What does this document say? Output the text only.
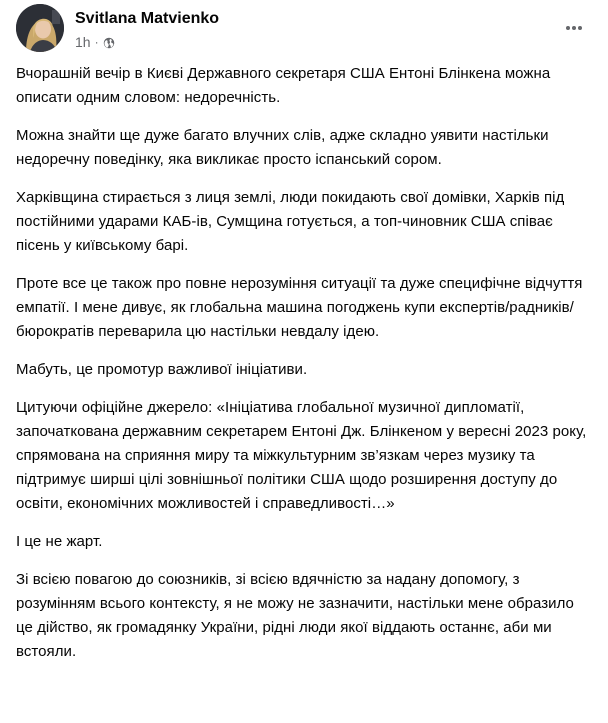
Svitlana Matvienko
1h ·

Вчорашній вечір в Києві Державного секретаря США Ентоні Блінкена можна описати одним словом: недоречність.

Можна знайти ще дуже багато влучних слів, адже складно уявити настільки недоречну поведінку, яка викликає просто іспанський сором.

Харківщина стирається з лиця землі, люди покидають свої домівки, Харків під постійними ударами КАБ-ів, Сумщина готується, а топ-чиновник США співає пісень у київському барі.

Проте все це також про повне нерозуміння ситуації та дуже специфічне відчуття емпатії. І мене дивує, як глобальна машина погоджень купи експертів/радників/бюрократів переварила цю настільки невдалу ідею.

Мабуть, це промотур важливої ініціативи.

Цитуючи офіційне джерело: «Ініціатива глобальної музичної дипломатії, започаткована державним секретарем Ентоні Дж. Блінкеном у вересні 2023 року, спрямована на сприяння миру та міжкультурним зв’язкам через музику та підтримує ширші цілі зовнішньої політики США щодо розширення доступу до освіти, економічних можливостей і справедливості…»

І це не жарт.

Зі всією повагою до союзників, зі всією вдячністю за надану допомогу, з розумінням всього контексту, я не можу не зазначити, настільки мене образило це дійство, як громадянку України, рідні люди якої віддають останнє, аби ми встояли.
